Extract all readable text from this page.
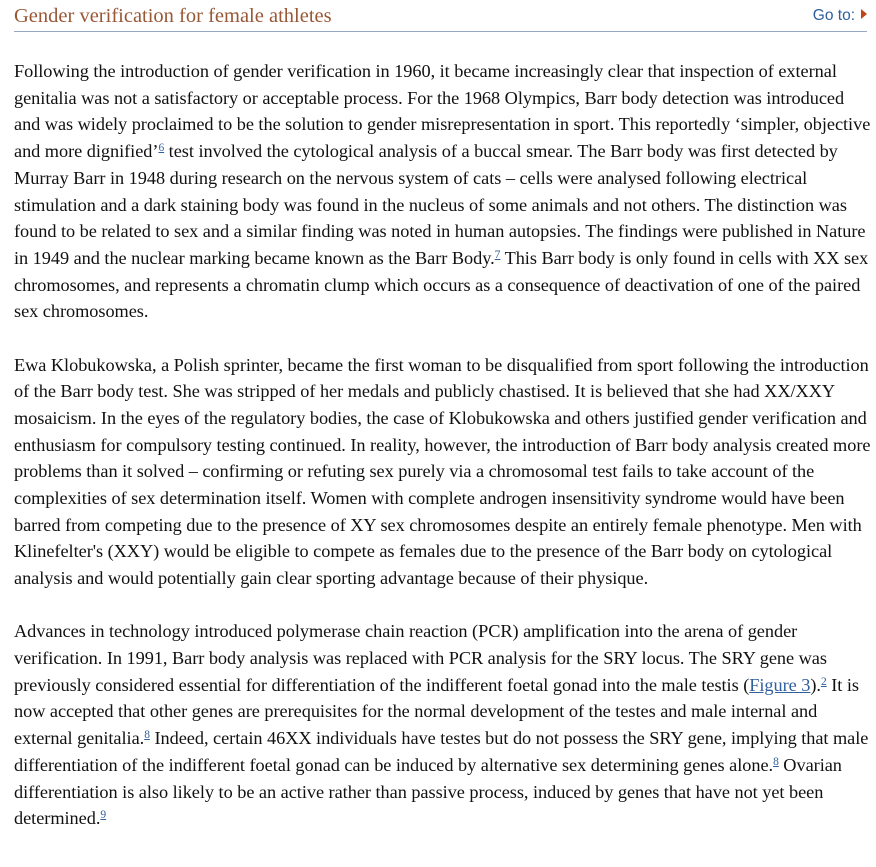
Gender verification for female athletes	Go to:

Following the introduction of gender verification in 1960, it became increasingly clear that inspection of external genitalia was not a satisfactory or acceptable process. For the 1968 Olympics, Barr body detection was introduced and was widely proclaimed to be the solution to gender misrepresentation in sport. This reportedly ‘simpler, objective and more dignified’$^6$ test involved the cytological analysis of a buccal smear. The Barr body was first detected by Murray Barr in 1948 during research on the nervous system of cats – cells were analysed following electrical stimulation and a dark staining body was found in the nucleus of some animals and not others. The distinction was found to be related to sex and a similar finding was noted in human autopsies. The findings were published in Nature in 1949 and the nuclear marking became known as the Barr Body.$^7$ This Barr body is only found in cells with XX sex chromosomes, and represents a chromatin clump which occurs as a consequence of deactivation of one of the paired sex chromosomes.

Ewa Klobukowska, a Polish sprinter, became the first woman to be disqualified from sport following the introduction of the Barr body test. She was stripped of her medals and publicly chastised. It is believed that she had XX/XXY mosaicism. In the eyes of the regulatory bodies, the case of Klobukowska and others justified gender verification and enthusiasm for compulsory testing continued. In reality, however, the introduction of Barr body analysis created more problems than it solved – confirming or refuting sex purely via a chromosomal test fails to take account of the complexities of sex determination itself. Women with complete androgen insensitivity syndrome would have been barred from competing due to the presence of XY sex chromosomes despite an entirely female phenotype. Men with Klinefelter's (XXY) would be eligible to compete as females due to the presence of the Barr body on cytological analysis and would potentially gain clear sporting advantage because of their physique.

Advances in technology introduced polymerase chain reaction (PCR) amplification into the arena of gender verification. In 1991, Barr body analysis was replaced with PCR analysis for the SRY locus. The SRY gene was previously considered essential for differentiation of the indifferent foetal gonad into the male testis (Figure 3).$^2$ It is now accepted that other genes are prerequisites for the normal development of the testes and male internal and external genitalia.$^8$ Indeed, certain 46XX individuals have testes but do not possess the SRY gene, implying that male differentiation of the indifferent foetal gonad can be induced by alternative sex determining genes alone.$^8$ Ovarian differentiation is also likely to be an active rather than passive process, induced by genes that have not yet been determined.$^9$
